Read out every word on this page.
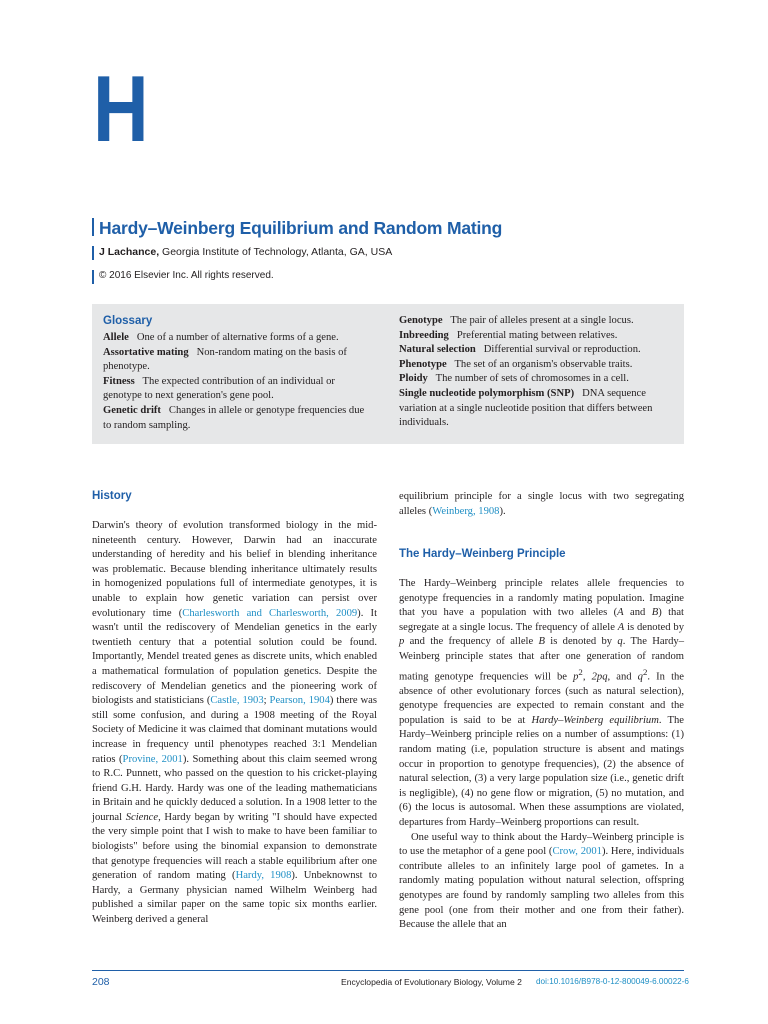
H
Hardy–Weinberg Equilibrium and Random Mating
J Lachance, Georgia Institute of Technology, Atlanta, GA, USA
© 2016 Elsevier Inc. All rights reserved.
Glossary

Allele One of a number of alternative forms of a gene.

Assortative mating Non-random mating on the basis of phenotype.

Fitness The expected contribution of an individual or genotype to next generation's gene pool.

Genetic drift Changes in allele or genotype frequencies due to random sampling.

Genotype The pair of alleles present at a single locus.

Inbreeding Preferential mating between relatives.

Natural selection Differential survival or reproduction.

Phenotype The set of an organism's observable traits.

Ploidy The number of sets of chromosomes in a cell.

Single nucleotide polymorphism (SNP) DNA sequence variation at a single nucleotide position that differs between individuals.

History

Darwin's theory of evolution transformed biology in the mid-nineteenth century. However, Darwin had an inaccurate understanding of heredity and his belief in blending inheritance was problematic. Because blending inheritance ultimately results in homogenized populations full of intermediate genotypes, it is unable to explain how genetic variation can persist over evolutionary time (Charlesworth and Charlesworth, 2009). It wasn't until the rediscovery of Mendelian genetics in the early twentieth century that a potential solution could be found. Importantly, Mendel treated genes as discrete units, which enabled a mathematical formulation of population genetics. Despite the rediscovery of Mendelian genetics and the pioneering work of biologists and statisticians (Castle, 1903; Pearson, 1904) there was still some confusion, and during a 1908 meeting of the Royal Society of Medicine it was claimed that dominant mutations would increase in frequency until phenotypes reached 3:1 Mendelian ratios (Provine, 2001). Something about this claim seemed wrong to R.C. Punnett, who passed on the question to his cricket-playing friend G.H. Hardy. Hardy was one of the leading mathematicians in Britain and he quickly deduced a solution. In a 1908 letter to the journal Science, Hardy began by writing "I should have expected the very simple point that I wish to make to have been familiar to biologists" before using the binomial expansion to demonstrate that genotype frequencies will reach a stable equilibrium after one generation of random mating (Hardy, 1908). Unbeknownst to Hardy, a Germany physician named Wilhelm Weinberg had published a similar paper on the same topic six months earlier. Weinberg derived a general

equilibrium principle for a single locus with two segregating alleles (Weinberg, 1908).

The Hardy–Weinberg Principle

The Hardy–Weinberg principle relates allele frequencies to genotype frequencies in a randomly mating population. Imagine that you have a population with two alleles (A and B) that segregate at a single locus. The frequency of allele A is denoted by p and the frequency of allele B is denoted by q. The Hardy–Weinberg principle states that after one generation of random mating genotype frequencies will be $p^2$, 2pq, and $q^2$. In the absence of other evolutionary forces (such as natural selection), genotype frequencies are expected to remain constant and the population is said to be at Hardy–Weinberg equilibrium. The Hardy–Weinberg principle relies on a number of assumptions: (1) random mating (i.e, population structure is absent and matings occur in proportion to genotype frequencies), (2) the absence of natural selection, (3) a very large population size (i.e., genetic drift is negligible), (4) no gene flow or migration, (5) no mutation, and (6) the locus is autosomal. When these assumptions are violated, departures from Hardy–Weinberg proportions can result.

One useful way to think about the Hardy–Weinberg principle is to use the metaphor of a gene pool (Crow, 2001). Here, individuals contribute alleles to an infinitely large pool of gametes. In a randomly mating population without natural selection, offspring genotypes are found by randomly sampling two alleles from this gene pool (one from their mother and one from their father). Because the allele that an

208	Encyclopedia of Evolutionary Biology, Volume 2 doi:10.1016/B978-0-12-800049-6.00022-6
